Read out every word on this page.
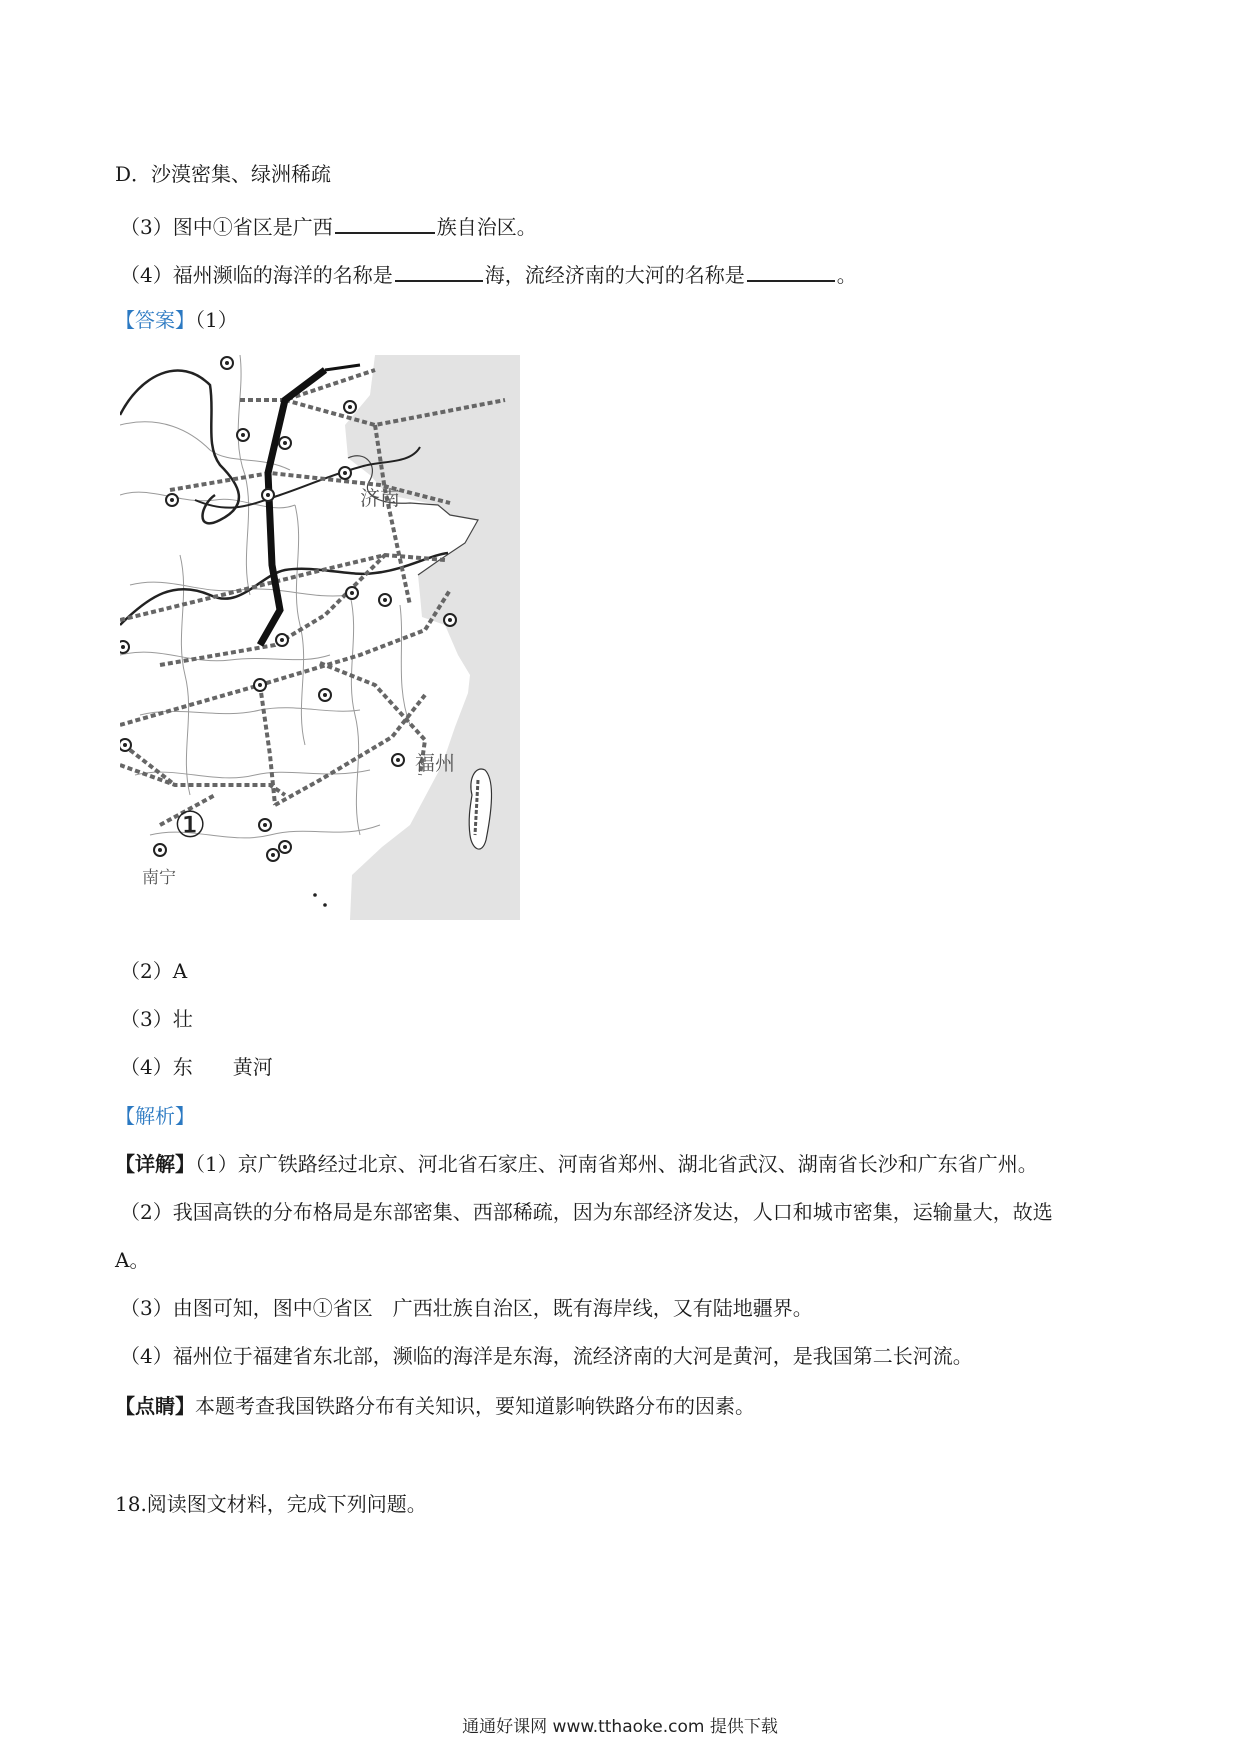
D．沙漠密集、绿洲稀疏
（3）图中①省区是广西	族自治区。
（4）福州濒临的海洋的名称是	海，流经济南的大河的名称是	。
【答案】（1）
济南
福州
南宁
①
（2）A
（3）壮
（4）东　　黄河
【解析】
【详解】（1）京广铁路经过北京、河北省石家庄、河南省郑州、湖北省武汉、湖南省长沙和广东省广州。
（2）我国高铁的分布格局是东部密集、西部稀疏，因为东部经济发达，人口和城市密集，运输量大，故选
A。
（3）由图可知，图中①省区　广西壮族自治区，既有海岸线，又有陆地疆界。
（4）福州位于福建省东北部，濒临的海洋是东海，流经济南的大河是黄河，是我国第二长河流。
【点睛】本题考查我国铁路分布有关知识，要知道影响铁路分布的因素。
18.阅读图文材料，完成下列问题。
通通好课网 www.tthaoke.com 提供下载
